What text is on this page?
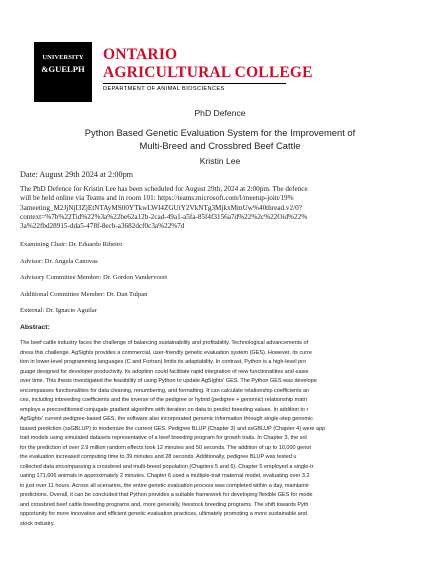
UNIVERSITY
&GUELPH
ONTARIO
AGRICULTURAL COLLEGE
DEPARTMENT OF ANIMAL BIOSCIENCES
PhD Defence
Python Based Genetic Evaluation System for the Improvement of
Multi-Breed and Crossbred Beef Cattle
Kristin Lee
Date: August 29th 2024 at 2:00pm
The PhD Defence for Kristin Lee has been scheduled for August 29th, 2024 at 2:00pm. The defence
will be held online via Teams and in room 101: https://teams.microsoft.com/l/meetup-join/19%
3ameeting_M2JjNjI3ZjEtNTAyMS00YTkwLWI4ZGUtY2VkNTg3MjkxMmUw%40thread.v2/0?
context=%7b%22Tid%22%3a%22be62a12b-2cad-49a1-a5fa-85f4f3156a7d%22%2c%22Oid%22%
3a%22fbd28915-dda5-478f-8ecb-a3682dcf0c3a%22%7d
Examining Chair: Dr. Eduardo Ribeiro
Advisor: Dr. Angela Canovas
Advisory Committee Member: Dr. Gordon Vandervoort
Additional Committee Member: Dr. Dan Tulpan
External: Dr. Ignacio Aguilar
Abstract:
The beef cattle industry faces the challenge of balancing sustainability and profitability. Technological advancements of
dress this challenge. AgSights provides a commercial, user-friendly genetic evaluation system (GES). However, its curre
tion in lower-level programming languages (C and Fortran) limits its adaptability. In contrast, Python is a high-level pro
guage designed for developer productivity. Its adoption could facilitate rapid integration of new functionalities and easie
over time. This thesis investigated the feasibility of using Python to update AgSights' GES. The Python GES was develope
encompasses functionalities for data cleaning, renumbering, and formatting. It can calculate relationship coefficients an
ces, including inbreeding coefficients and the inverse of the pedigree or hybrid (pedigree + genomic) relationship matri
employs a preconditioned conjugate gradient algorithm with iteration on data to predict breeding values. In addition to r
AgSights' current pedigree-based GES, the software also incorporated genomic information through single-step genomic
biased prediction (ssGBLUP) to modernize the current GES. Pedigree BLUP (Chapter 3) and ssGBLUP (Chapter 4) were app
trait models using simulated datasets representative of a beef breeding program for growth traits. In Chapter 3, the sol
for the prediction of over 2.9 million random effects took 12 minutes and 50 seconds. The addition of up to 10,000 genot
the evaluation increased computing time to 39 minutes and 28 seconds. Additionally, pedigree BLUP was tested u
collected data encompassing a crossbred and multi-breed population (Chapters 5 and 6). Chapter 5 employed a single-tr
uating 171,606 animals in approximately 2 minutes. Chapter 6 used a multiple-trait maternal model, evaluating over 3.2
in just over 11 hours. Across all scenarios, the entire genetic evaluation process was completed within a day, maintainir
predictions. Overall, it can be concluded that Python provides a suitable framework for developing flexible GES for mode
and crossbred beef cattle breeding programs and, more generally, livestock breeding programs. The shift towards Pyth
opportunity for more innovative and efficient genetic evaluation practices, ultimately promoting a more sustainable and
stock industry.
